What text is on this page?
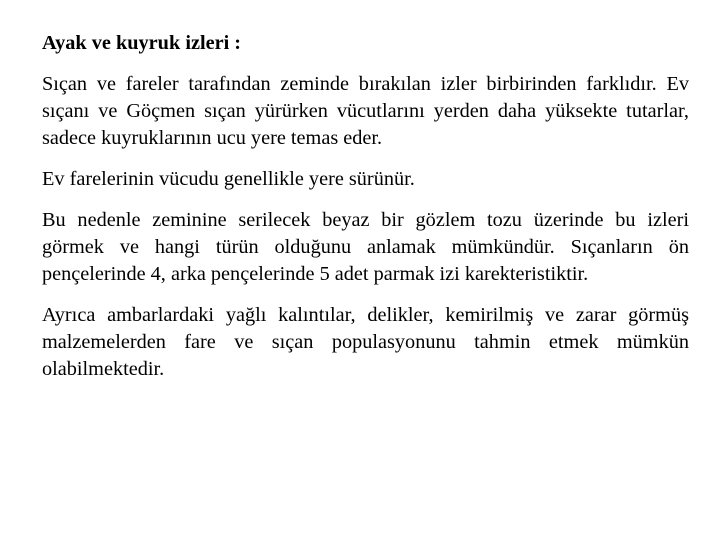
Ayak ve kuyruk izleri :

Sıçan ve fareler tarafından zeminde bırakılan izler birbirinden farklıdır. Ev sıçanı ve Göçmen sıçan yürürken vücutlarını yerden daha yüksekte tutarlar, sadece kuyruklarının ucu yere temas eder.

Ev farelerinin vücudu genellikle yere sürünür.

Bu nedenle zeminine serilecek beyaz bir gözlem tozu üzerinde bu izleri görmek ve hangi türün olduğunu anlamak mümkündür. Sıçanların ön pençelerinde 4, arka pençelerinde 5 adet parmak izi karekteristiktir.

Ayrıca ambarlardaki yağlı kalıntılar, delikler, kemirilmiş ve zarar görmüş malzemelerden fare ve sıçan populasyonunu tahmin etmek mümkün olabilmektedir.
